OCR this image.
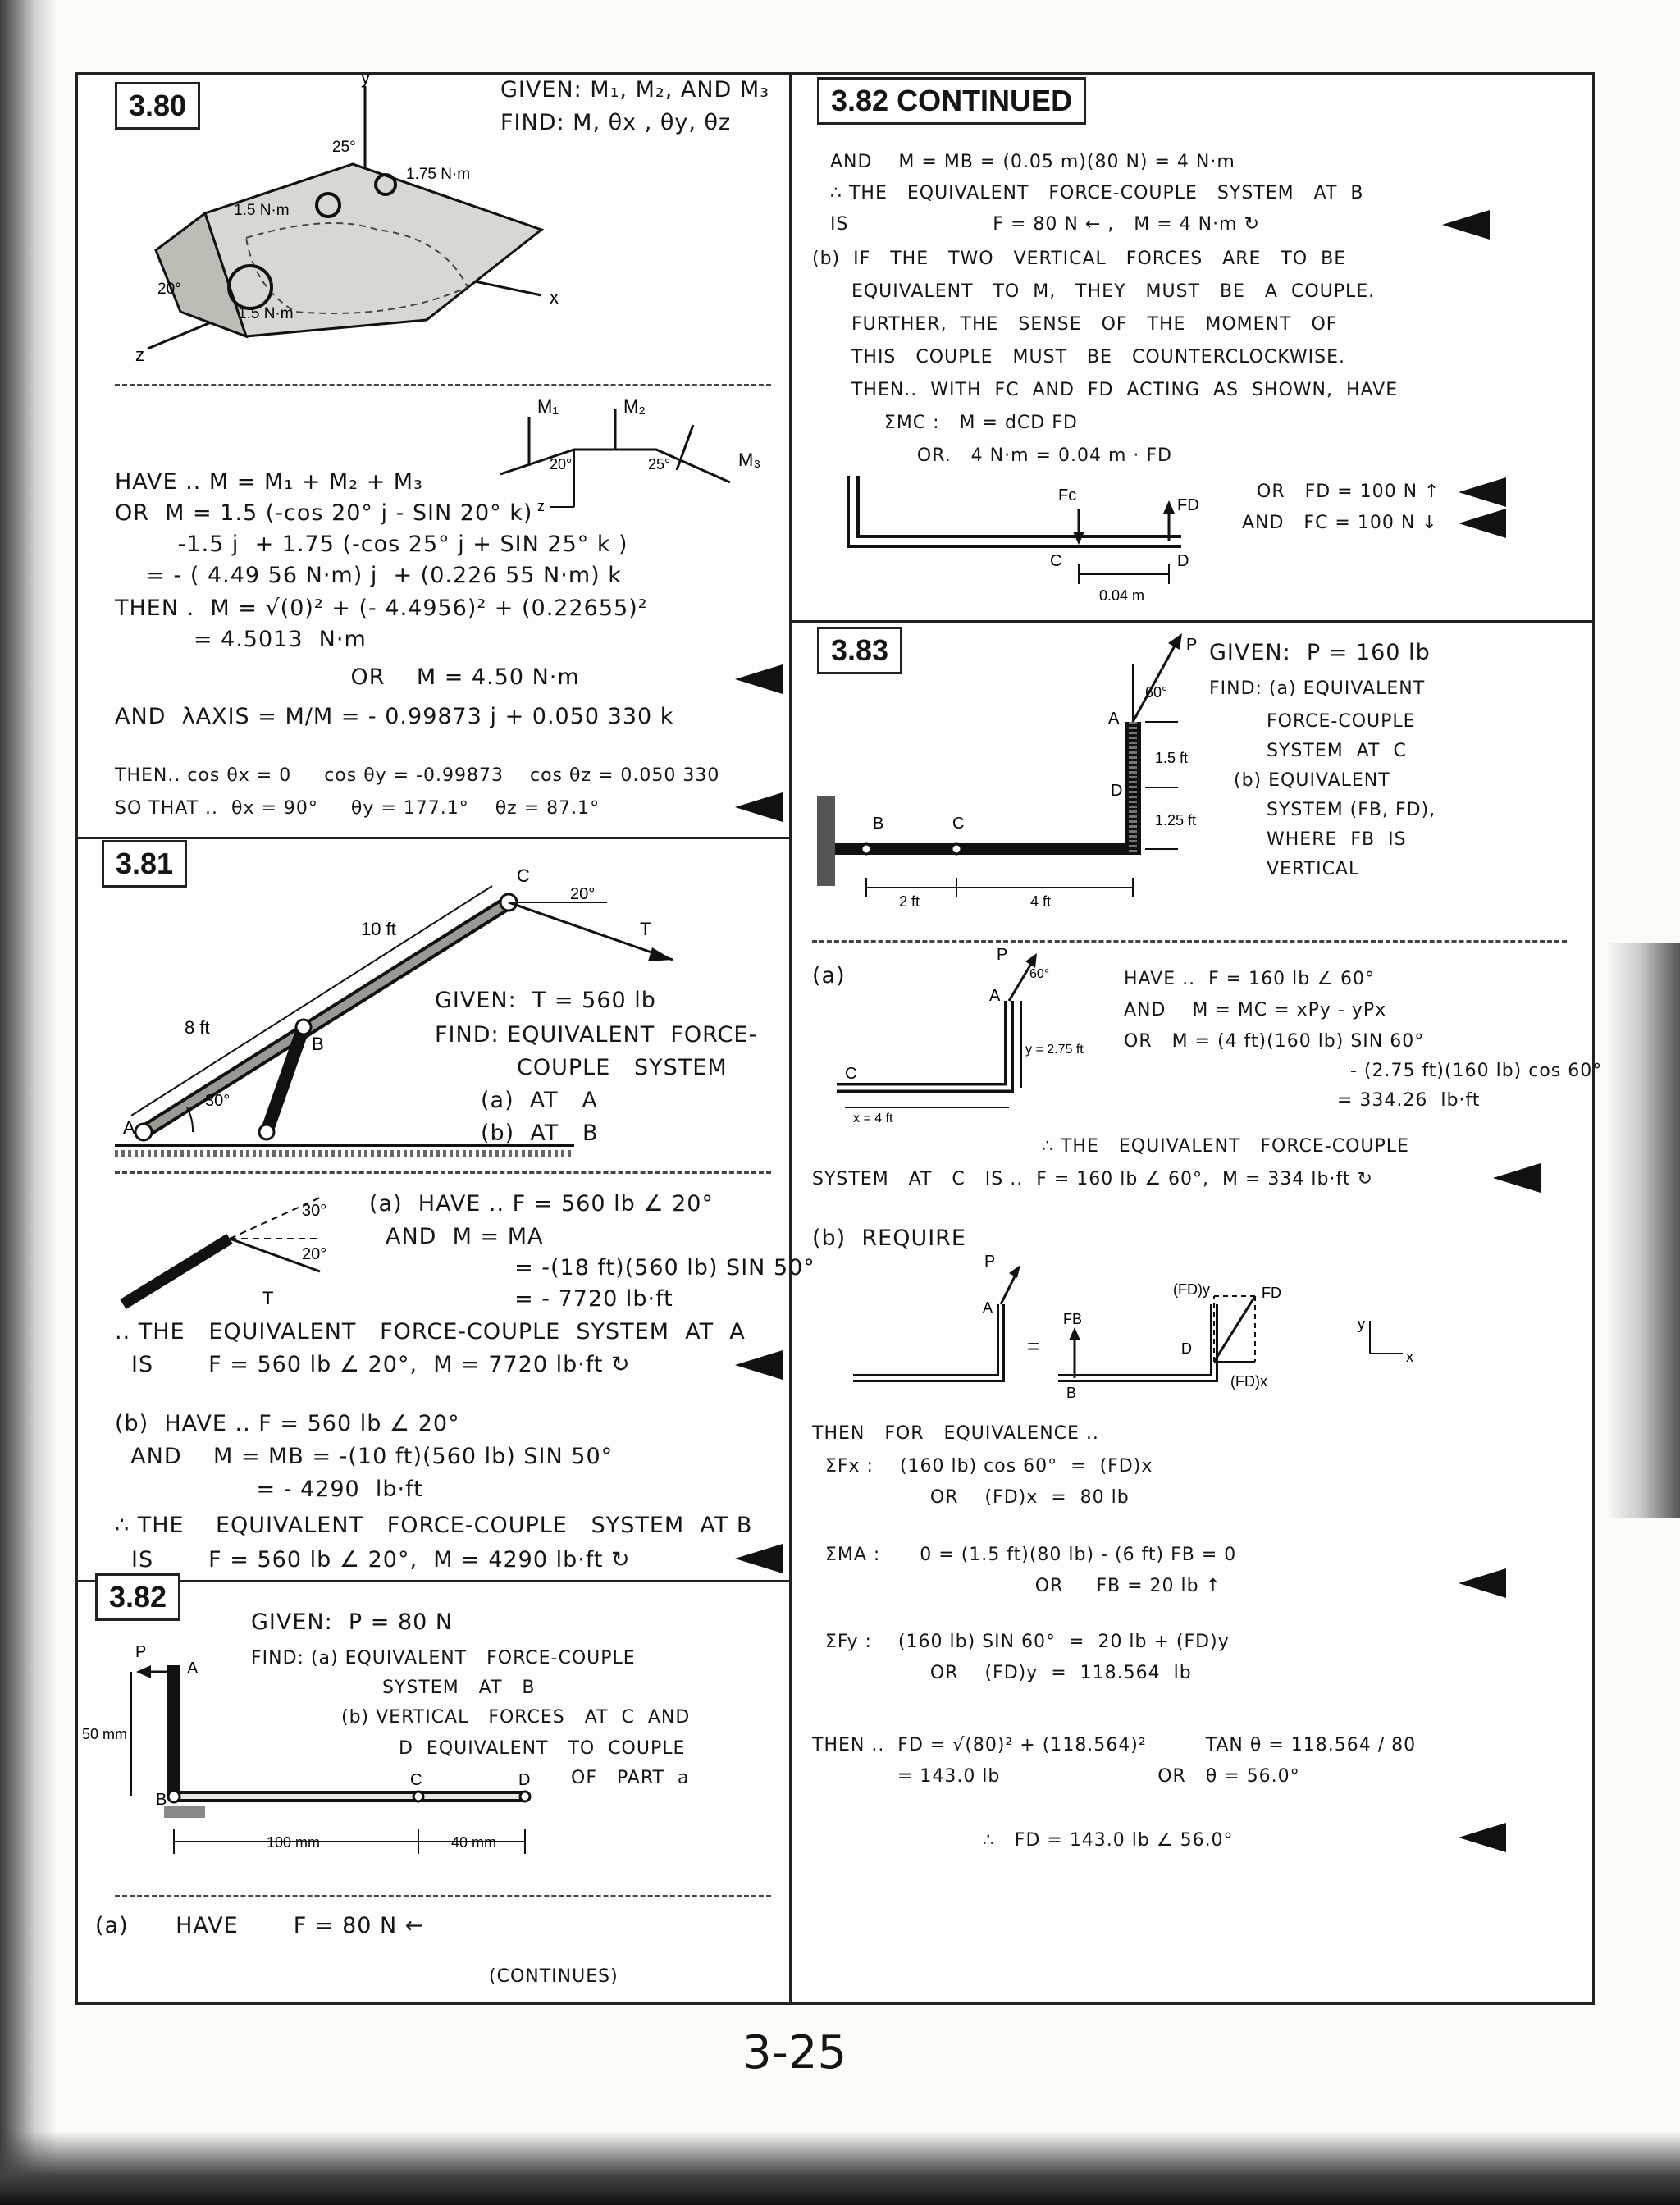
3.80	GIVEN: M₁, M₂, AND M₃
FIND: M, θx , θy, θz
y
x
z
1.5 N·m
1.75 N·m
1.5 N·m
25°
20°
M₁	M₂
M₃
20°	25°
z
HAVE .. M = M₁ + M₂ + M₃
OR  M = 1.5 (-cos 20° j - SIN 20° k)
-1.5 j  + 1.75 (-cos 25° j + SIN 25° k )
= - ( 4.49 56 N·m) j  + (0.226 55 N·m) k
THEN .  M = √(0)² + (- 4.4956)² + (0.22655)²
= 4.5013  N·m
OR    M = 4.50 N·m
AND  λAXIS = M/M = - 0.99873 j + 0.050 330 k
THEN.. cos θx = 0     cos θy = -0.99873    cos θz = 0.050 330
SO THAT ..  θx = 90°     θy = 177.1°    θz = 87.1°
3.81
10 ft
8 ft
30°
20°
A
B
C
T
GIVEN:  T = 560 lb
FIND: EQUIVALENT  FORCE-
COUPLE   SYSTEM
(a)  AT   A
(b)  AT   B
30°
20°
T
(a)  HAVE .. F = 560 lb ∠ 20°
AND  M = MA
= -(18 ft)(560 lb) SIN 50°
= - 7720 lb·ft
.. THE   EQUIVALENT   FORCE-COUPLE  SYSTEM  AT  A
IS       F = 560 lb ∠ 20°,  M = 7720 lb·ft ↻
(b)  HAVE .. F = 560 lb ∠ 20°
AND    M = MB = -(10 ft)(560 lb) SIN 50°
= - 4290  lb·ft
∴ THE    EQUIVALENT   FORCE-COUPLE   SYSTEM  AT B
IS       F = 560 lb ∠ 20°,  M = 4290 lb·ft ↻
3.82
GIVEN:  P = 80 N
FIND: (a) EQUIVALENT   FORCE-COUPLE
SYSTEM   AT   B
(b) VERTICAL   FORCES   AT  C  AND
D  EQUIVALENT   TO  COUPLE
OF   PART  a
P
A
B
C	D
50 mm
100 mm	40 mm
(a)      HAVE       F = 80 N ←
(CONTINUES)
3.82 CONTINUED
AND    M = MB = (0.05 m)(80 N) = 4 N·m
∴ THE   EQUIVALENT   FORCE-COUPLE   SYSTEM   AT  B
IS                      F = 80 N ← ,   M = 4 N·m ↻
(b)  IF   THE   TWO   VERTICAL   FORCES   ARE   TO  BE
EQUIVALENT   TO  M,   THEY   MUST   BE   A  COUPLE.
FURTHER,  THE   SENSE   OF   THE   MOMENT   OF
THIS   COUPLE   MUST   BE   COUNTERCLOCKWISE.
THEN..  WITH  FC  AND  FD  ACTING  AS  SHOWN,  HAVE
ΣMC :   M = dCD FD
OR.   4 N·m = 0.04 m · FD
Fc
FD
C	D
0.04 m
OR   FD = 100 N ↑
AND   FC = 100 N ↓
3.83	GIVEN:  P = 160 lb
FIND: (a) EQUIVALENT
FORCE-COUPLE
SYSTEM  AT  C
(b) EQUIVALENT
SYSTEM (FB, FD),
WHERE  FB  IS
VERTICAL
P
A
B	C
D
60°
1.5 ft
1.25 ft
2 ft	4 ft
(a)
P
A
C
60°
y = 2.75 ft
x = 4 ft
HAVE ..  F = 160 lb ∠ 60°
AND    M = MC = xPy - yPx
OR   M = (4 ft)(160 lb) SIN 60°
- (2.75 ft)(160 lb) cos 60°
= 334.26  lb·ft
∴ THE   EQUIVALENT   FORCE-COUPLE
SYSTEM   AT   C   IS ..  F = 160 lb ∠ 60°,  M = 334 lb·ft ↻
(b)  REQUIRE
P
A
B
D
FB
FD
(FD)y
(FD)x
=
y
x
THEN   FOR   EQUIVALENCE ..
ΣFx :    (160 lb) cos 60°  =  (FD)x
OR    (FD)x  =  80 lb
ΣMA :      0 = (1.5 ft)(80 lb) - (6 ft) FB = 0
OR     FB = 20 lb ↑
ΣFy :    (160 lb) SIN 60°  =  20 lb + (FD)y
OR    (FD)y  =  118.564  lb
THEN ..  FD = √(80)² + (118.564)²         TAN θ = 118.564 / 80
= 143.0 lb                        OR   θ = 56.0°
∴   FD = 143.0 lb ∠ 56.0°
3-25
